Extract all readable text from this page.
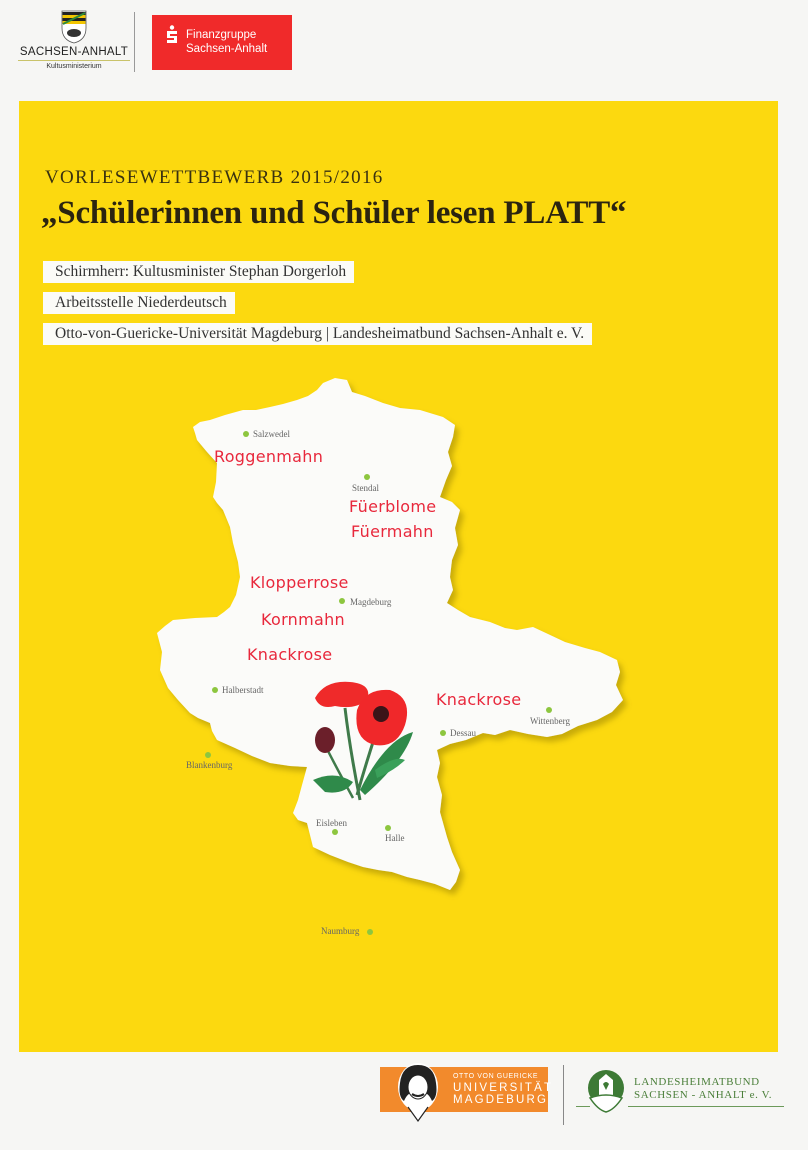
SACHSEN-ANHALT
Kultusministerium
Finanzgruppe
Sachsen-Anhalt
VORLESEWETTBEWERB 2015/2016
„Schülerinnen und Schüler lesen PLATT“
Schirmherr: Kultusminister Stephan Dorgerloh
Arbeitsstelle Niederdeutsch
Otto-von-Guericke-Universität Magdeburg | Landesheimatbund Sachsen-Anhalt e. V.
Salzwedel
Stendal
Magdeburg
Halberstadt
Blankenburg
Dessau
Wittenberg
Eisleben
Halle
Naumburg
Roggenmahn
Füerblome
Füermahn
Klopperrose
Kornmahn
Knackrose
Knackrose
OTTO VON GUERICKE
UNIVERSITÄT
MAGDEBURG
LANDESHEIMATBUND
SACHSEN - ANHALT e. V.
